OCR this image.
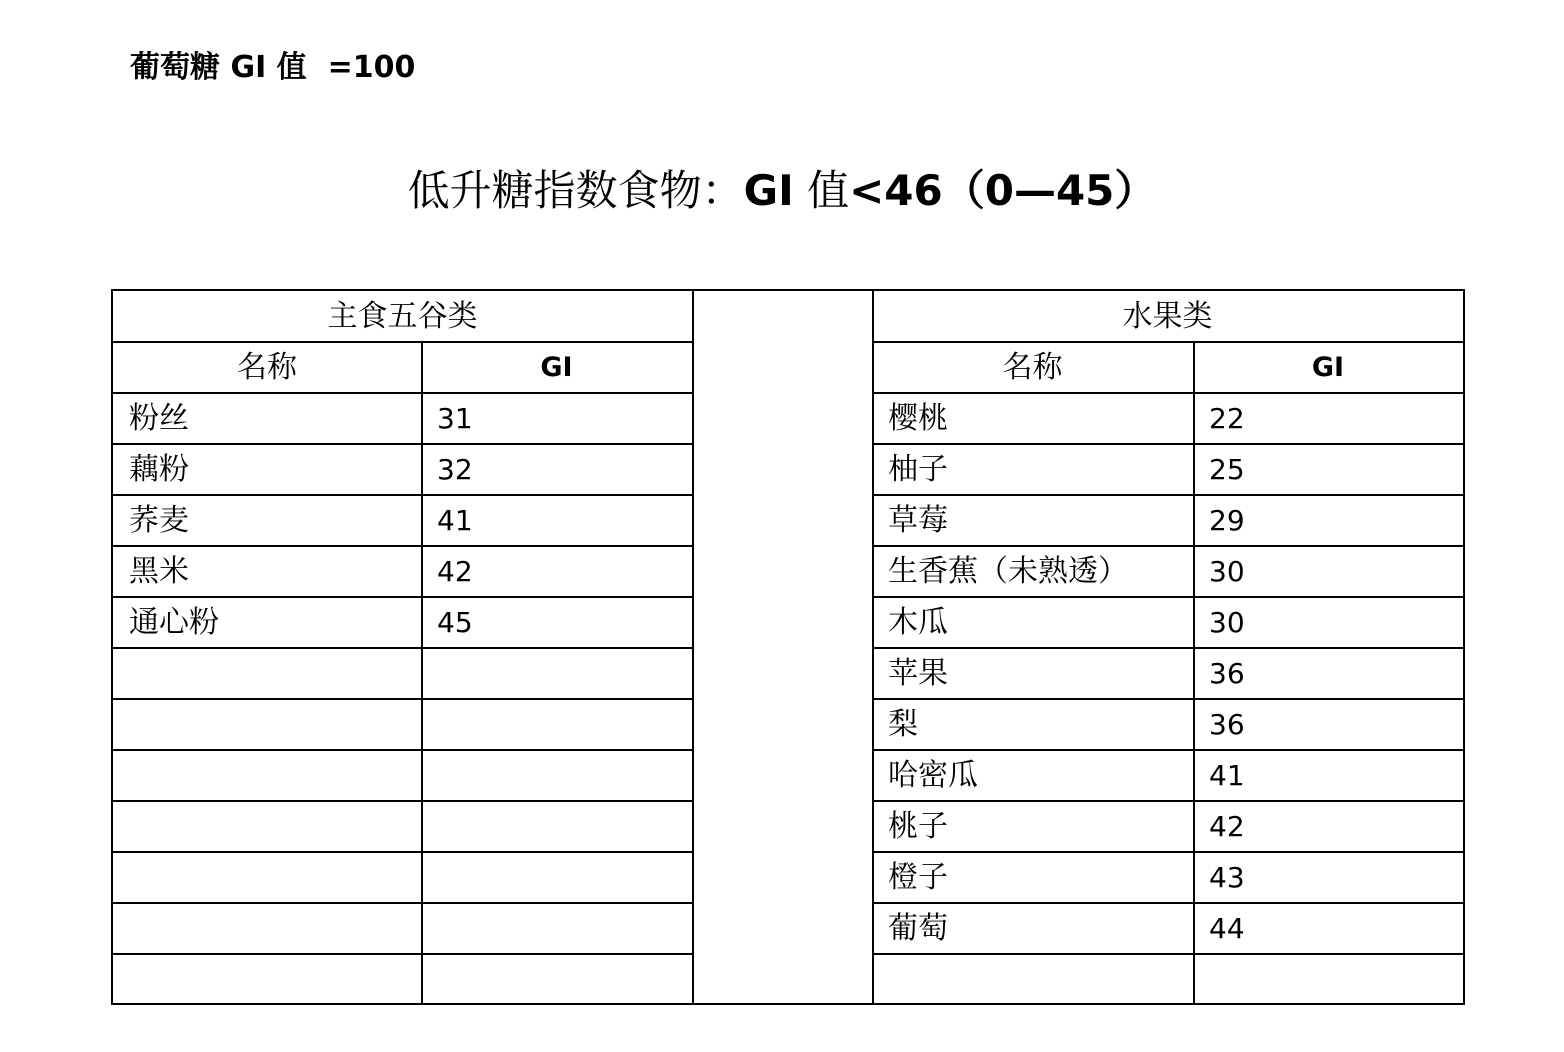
葡萄糖 GI 值  =100
低升糖指数食物：GI 值<46（0—45）
主食五谷类
名称	GI
粉丝	31
藕粉	32
荞麦	41
黑米	42
通心粉	45
水果类
名称	GI
樱桃	22
柚子	25
草莓	29
生香蕉（未熟透）	30
木瓜	30
苹果	36
梨	36
哈密瓜	41
桃子	42
橙子	43
葡萄	44
